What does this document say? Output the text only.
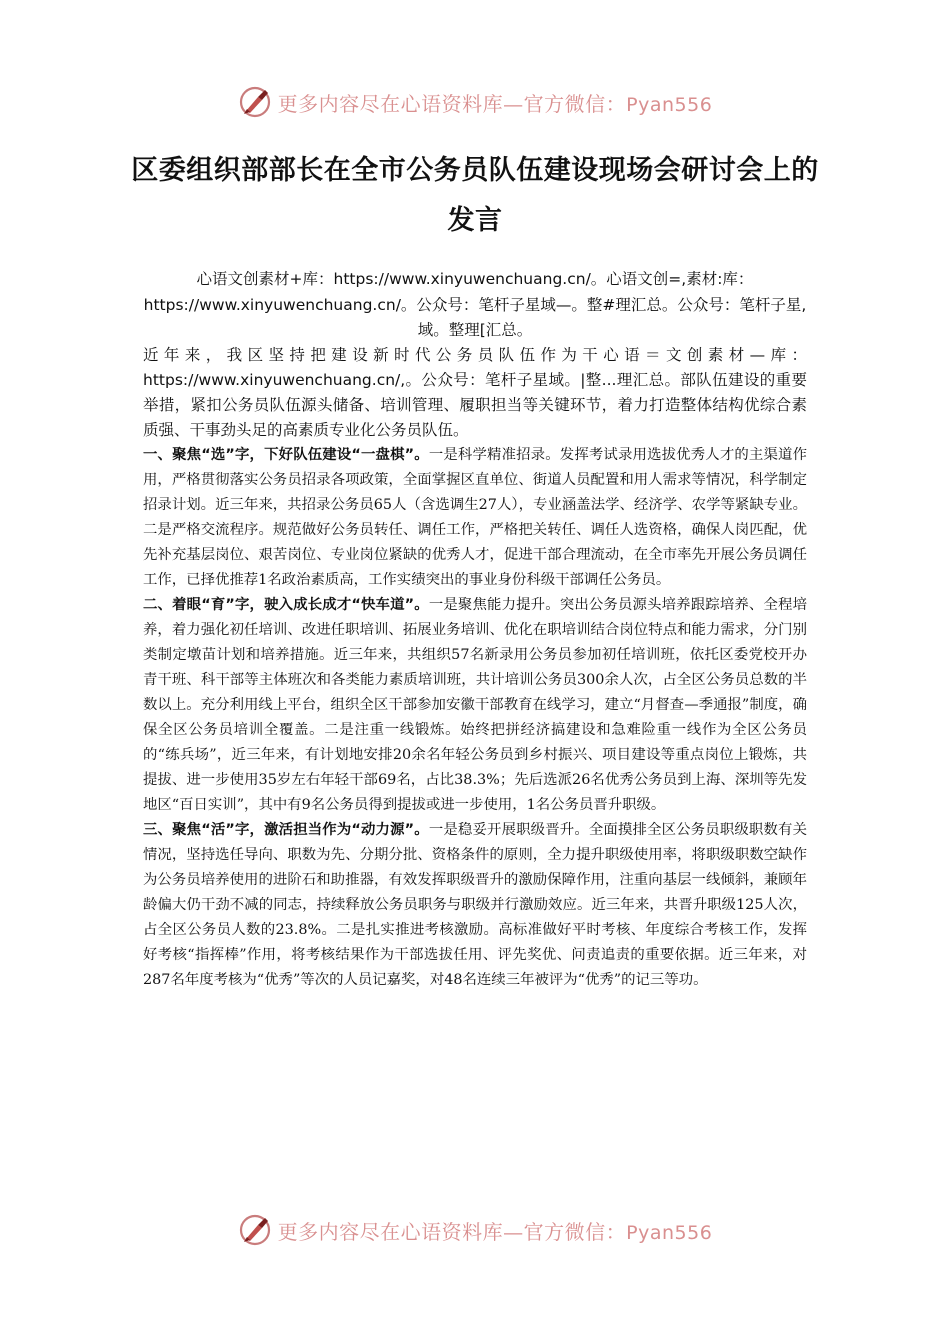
更多内容尽在心语资料库—官方微信：Pyan556
区委组织部部长在全市公务员队伍建设现场会研讨会上的发言
心语文创素材+库：https://www.xinyuwenchuang.cn/。心语文创=,素材:库：https://www.xinyuwenchuang.cn/。公众号：笔杆子星域—。整#理汇总。公众号：笔杆子星,域。整理[汇总。
近年来，我区坚持把建设新时代公务员队伍作为干心语＝文创素材—库：https://www.xinyuwenchuang.cn/,。公众号：笔杆子星域。|整...理汇总。部队伍建设的重要举措，紧扣公务员队伍源头储备、培训管理、履职担当等关键环节，着力打造整体结构优综合素质强、干事劲头足的高素质专业化公务员队伍。

一、聚焦“选”字，下好队伍建设“一盘棋”。一是科学精准招录。发挥考试录用选拔优秀人才的主渠道作用，严格贯彻落实公务员招录各项政策，全面掌握区直单位、街道人员配置和用人需求等情况，科学制定招录计划。近三年来，共招录公务员65人（含选调生27人），专业涵盖法学、经济学、农学等紧缺专业。二是严格交流程序。规范做好公务员转任、调任工作，严格把关转任、调任人选资格，确保人岗匹配，优先补充基层岗位、艰苦岗位、专业岗位紧缺的优秀人才，促进干部合理流动，在全市率先开展公务员调任工作，已择优推荐1名政治素质高，工作实绩突出的事业身份科级干部调任公务员。

二、着眼“育”字，驶入成长成才“快车道”。一是聚焦能力提升。突出公务员源头培养跟踪培养、全程培养，着力强化初任培训、改进任职培训、拓展业务培训、优化在职培训结合岗位特点和能力需求，分门别类制定墩苗计划和培养措施。近三年来，共组织57名新录用公务员参加初任培训班，依托区委党校开办青干班、科干部等主体班次和各类能力素质培训班，共计培训公务员300余人次，占全区公务员总数的半数以上。充分利用线上平台，组织全区干部参加安徽干部教育在线学习，建立“月督查—季通报”制度，确保全区公务员培训全覆盖。二是注重一线锻炼。始终把拼经济搞建设和急难险重一线作为全区公务员的“练兵场”，近三年来，有计划地安排20余名年轻公务员到乡村振兴、项目建设等重点岗位上锻炼，共提拔、进一步使用35岁左右年轻干部69名，占比38.3%；先后选派26名优秀公务员到上海、深圳等先发地区“百日实训”，其中有9名公务员得到提拔或进一步使用，1名公务员晋升职级。

三、聚焦“活”字，激活担当作为“动力源”。一是稳妥开展职级晋升。全面摸排全区公务员职级职数有关情况，坚持选任导向、职数为先、分期分批、资格条件的原则，全力提升职级使用率，将职级职数空缺作为公务员培养使用的进阶石和助推器，有效发挥职级晋升的激励保障作用，注重向基层一线倾斜，兼顾年龄偏大仍干劲不减的同志，持续释放公务员职务与职级并行激励效应。近三年来，共晋升职级125人次，占全区公务员人数的23.8%。二是扎实推进考核激励。高标准做好平时考核、年度综合考核工作，发挥好考核“指挥棒”作用，将考核结果作为干部选拔任用、评先奖优、问责追责的重要依据。近三年来，对287名年度考核为“优秀”等次的人员记嘉奖，对48名连续三年被评为“优秀”的记三等功。

更多内容尽在心语资料库—官方微信：Pyan556
